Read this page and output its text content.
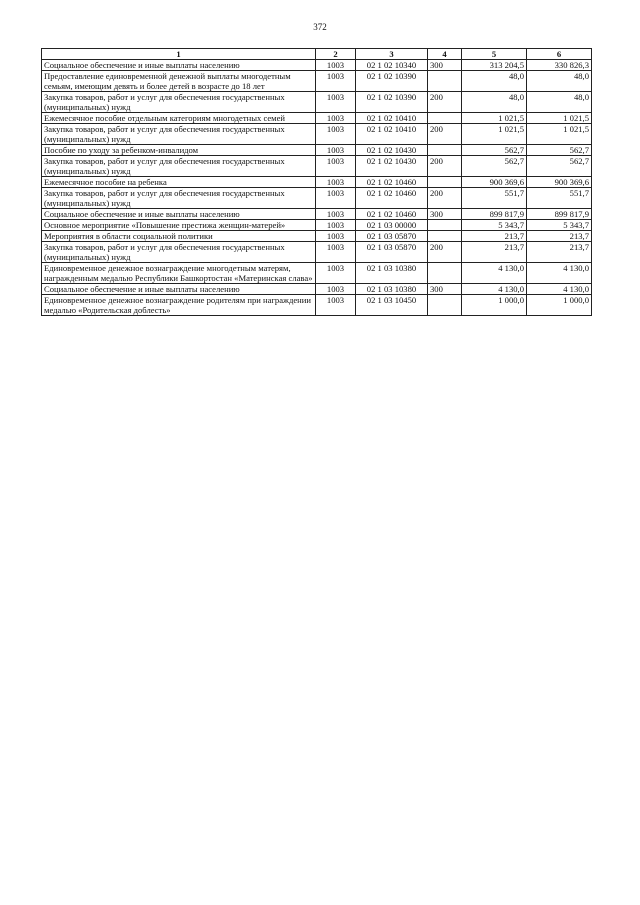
372
1	2	3	4	5	6
Социальное обеспечение и иные выплаты населению	1003	02 1 02 10340	300	313 204,5	330 826,3
Предоставление единовременной денежной выплаты многодетным семьям, имеющим девять и более детей в возрасте до 18 лет	1003	02 1 02 10390		48,0	48,0
Закупка товаров, работ и услуг для обеспечения государственных (муниципальных) нужд	1003	02 1 02 10390	200	48,0	48,0
Ежемесячное пособие отдельным категориям многодетных семей	1003	02 1 02 10410		1 021,5	1 021,5
Закупка товаров, работ и услуг для обеспечения государственных (муниципальных) нужд	1003	02 1 02 10410	200	1 021,5	1 021,5
Пособие по уходу за ребенком-инвалидом	1003	02 1 02 10430		562,7	562,7
Закупка товаров, работ и услуг для обеспечения государственных (муниципальных) нужд	1003	02 1 02 10430	200	562,7	562,7
Ежемесячное пособие на ребенка	1003	02 1 02 10460		900 369,6	900 369,6
Закупка товаров, работ и услуг для обеспечения государственных (муниципальных) нужд	1003	02 1 02 10460	200	551,7	551,7
Социальное обеспечение и иные выплаты населению	1003	02 1 02 10460	300	899 817,9	899 817,9
Основное мероприятие «Повышение престижа женщин-матерей»	1003	02 1 03 00000		5 343,7	5 343,7
Мероприятия в области социальной политики	1003	02 1 03 05870		213,7	213,7
Закупка товаров, работ и услуг для обеспечения государственных (муниципальных) нужд	1003	02 1 03 05870	200	213,7	213,7
Единовременное денежное вознаграждение многодетным матерям, награжденным медалью Республики Башкортостан «Материнская слава»	1003	02 1 03 10380		4 130,0	4 130,0
Социальное обеспечение и иные выплаты населению	1003	02 1 03 10380	300	4 130,0	4 130,0
Единовременное денежное вознаграждение родителям при награждении медалью «Родительская доблесть»	1003	02 1 03 10450		1 000,0	1 000,0
